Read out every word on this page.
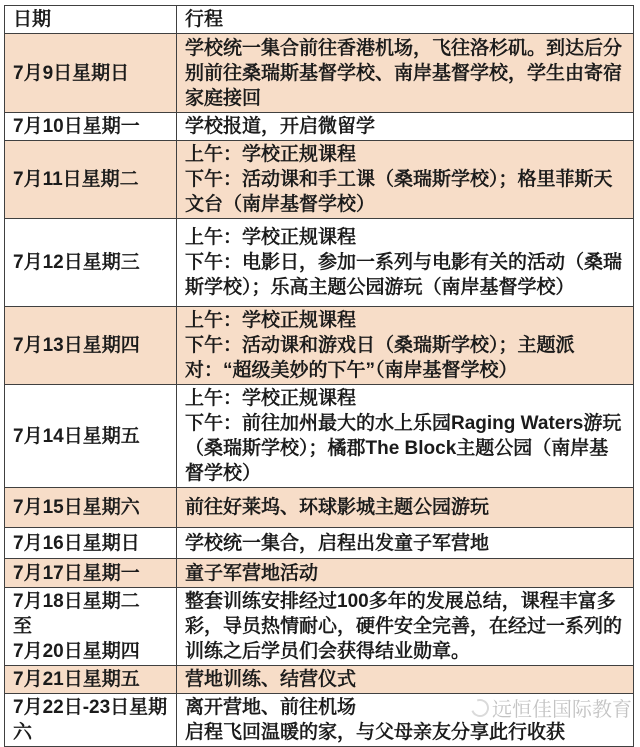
日期	行程

7月9日星期日	学校统一集合前往香港机场，飞往洛杉矶。到达后分别前往桑瑞斯基督学校、南岸基督学校，学生由寄宿家庭接回

7月10日星期一	学校报道，开启微留学

7月11日星期二	上午：学校正规课程
下午：活动课和手工课（桑瑞斯学校）；格里菲斯天文台（南岸基督学校）

7月12日星期三	上午：学校正规课程
下午：电影日，参加一系列与电影有关的活动（桑瑞斯学校）；乐高主题公园游玩（南岸基督学校）

7月13日星期四	上午：学校正规课程
下午：活动课和游戏日（桑瑞斯学校）；主题派对：“超级美妙的下午”（南岸基督学校）

7月14日星期五	上午：学校正规课程
下午：前往加州最大的水上乐园Raging Waters游玩（桑瑞斯学校）；橘郡The Block主题公园（南岸基督学校）

7月15日星期六	前往好莱坞、环球影城主题公园游玩

7月16日星期日	学校统一集合，启程出发童子军营地

7月17日星期一	童子军营地活动

7月18日星期二
至
7月20日星期四	整套训练安排经过100多年的发展总结，课程丰富多彩，导员热情耐心，硬件安全完善，在经过一系列的训练之后学员们会获得结业勋章。

7月21日星期五	营地训练、结营仪式

7月22日-23日星期六	离开营地、前往机场
启程飞回温暖的家，与父母亲友分享此行收获
远恒佳国际教育
